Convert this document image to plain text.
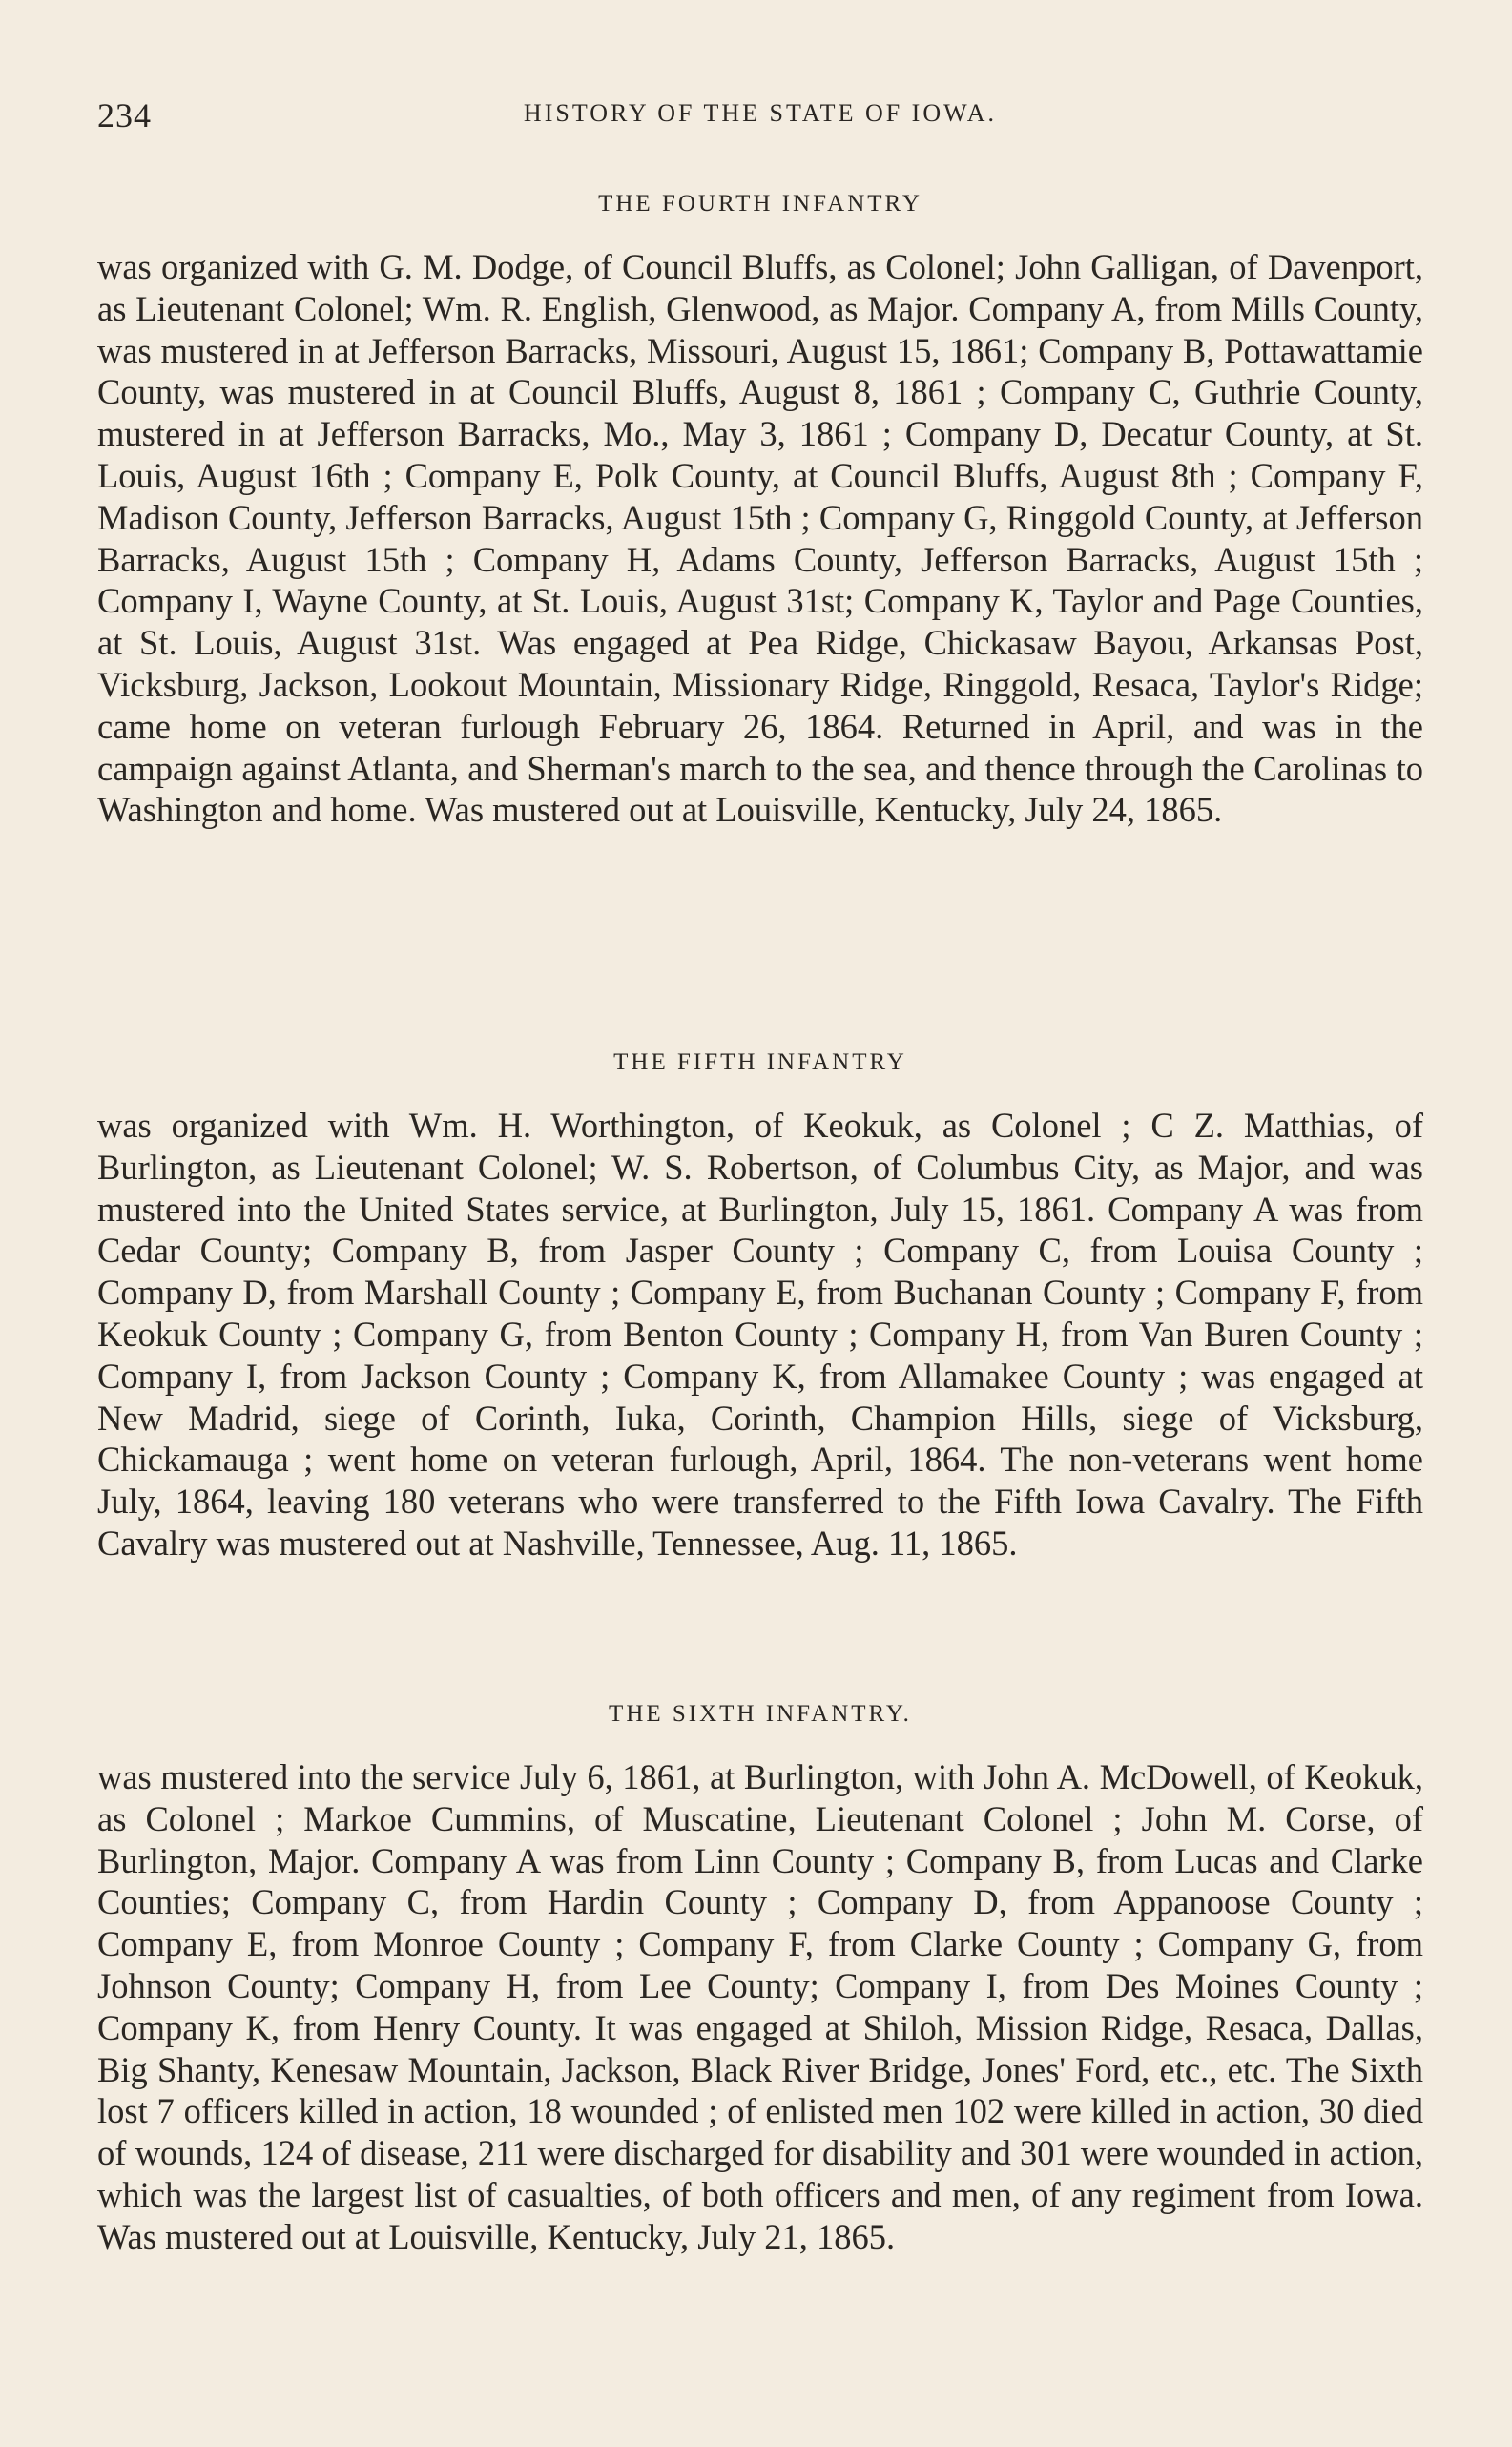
234	HISTORY OF THE STATE OF IOWA.
THE FOURTH INFANTRY

was organized with G. M. Dodge, of Council Bluffs, as Colonel; John Galligan, of Davenport, as Lieutenant Colonel; Wm. R. English, Glenwood, as Major. Company A, from Mills County, was mustered in at Jefferson Barracks, Missouri, August 15, 1861; Company B, Pottawattamie County, was mustered in at Council Bluffs, August 8, 1861 ; Company C, Guthrie County, mustered in at Jefferson Barracks, Mo., May 3, 1861 ; Company D, Decatur County, at St. Louis, August 16th ; Company E, Polk County, at Council Bluffs, August 8th ; Company F, Madison County, Jefferson Barracks, August 15th ; Company G, Ringgold County, at Jefferson Barracks, August 15th ; Company H, Adams County, Jefferson Barracks, August 15th ; Company I, Wayne County, at St. Louis, August 31st; Company K, Taylor and Page Counties, at St. Louis, August 31st. Was engaged at Pea Ridge, Chickasaw Bayou, Arkansas Post, Vicksburg, Jackson, Lookout Mountain, Missionary Ridge, Ringgold, Resaca, Taylor's Ridge; came home on veteran furlough February 26, 1864. Returned in April, and was in the campaign against Atlanta, and Sherman's march to the sea, and thence through the Carolinas to Washington and home. Was mustered out at Louisville, Kentucky, July 24, 1865.

THE FIFTH INFANTRY

was organized with Wm. H. Worthington, of Keokuk, as Colonel ; C Z. Matthias, of Burlington, as Lieutenant Colonel; W. S. Robertson, of Columbus City, as Major, and was mustered into the United States service, at Burlington, July 15, 1861. Company A was from Cedar County; Company B, from Jasper County ; Company C, from Louisa County ; Company D, from Marshall County ; Company E, from Buchanan County ; Company F, from Keokuk County ; Company G, from Benton County ; Company H, from Van Buren County ; Company I, from Jackson County ; Company K, from Allamakee County ; was engaged at New Madrid, siege of Corinth, Iuka, Corinth, Champion Hills, siege of Vicksburg, Chickamauga ; went home on veteran furlough, April, 1864. The non-veterans went home July, 1864, leaving 180 veterans who were transferred to the Fifth Iowa Cavalry. The Fifth Cavalry was mustered out at Nashville, Tennessee, Aug. 11, 1865.

THE SIXTH INFANTRY.

was mustered into the service July 6, 1861, at Burlington, with John A. McDowell, of Keokuk, as Colonel ; Markoe Cummins, of Muscatine, Lieutenant Colonel ; John M. Corse, of Burlington, Major. Company A was from Linn County ; Company B, from Lucas and Clarke Counties; Company C, from Hardin County ; Company D, from Appanoose County ; Company E, from Monroe County ; Company F, from Clarke County ; Company G, from Johnson County; Company H, from Lee County; Company I, from Des Moines County ; Company K, from Henry County. It was engaged at Shiloh, Mission Ridge, Resaca, Dallas, Big Shanty, Kenesaw Mountain, Jackson, Black River Bridge, Jones' Ford, etc., etc. The Sixth lost 7 officers killed in action, 18 wounded ; of enlisted men 102 were killed in action, 30 died of wounds, 124 of disease, 211 were discharged for disability and 301 were wounded in action, which was the largest list of casualties, of both officers and men, of any regiment from Iowa. Was mustered out at Louisville, Kentucky, July 21, 1865.
